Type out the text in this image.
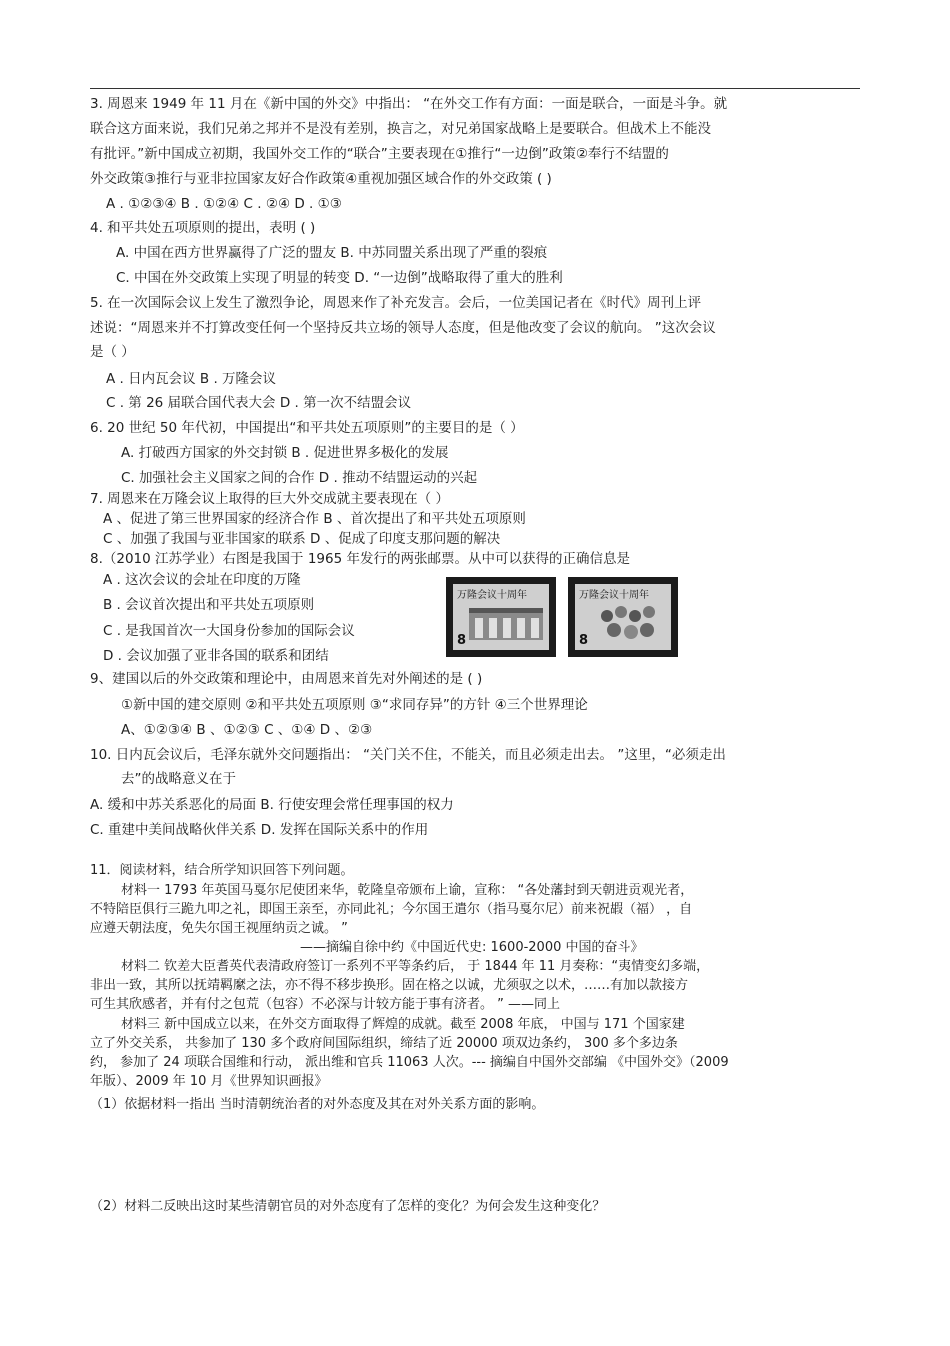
3. 周恩来 1949 年 11 月在《新中国的外交》中指出： “在外交工作有方面：一面是联合，一面是斗争。就
联合这方面来说，我们兄弟之邦并不是没有差别，换言之，对兄弟国家战略上是要联合。但战术上不能没
有批评。”新中国成立初期，我国外交工作的“联合”主要表现在①推行“一边倒”政策②奉行不结盟的
外交政策③推行与亚非拉国家友好合作政策④重视加强区域合作的外交政策 ( )
A . ①②③④ B . ①②④ C . ②④ D . ①③
4. 和平共处五项原则的提出，表明 ( )
A. 中国在西方世界赢得了广泛的盟友 B. 中苏同盟关系出现了严重的裂痕
C. 中国在外交政策上实现了明显的转变 D. “一边倒”战略取得了重大的胜利
5. 在一次国际会议上发生了激烈争论，周恩来作了补充发言。会后，一位美国记者在《时代》周刊上评
述说：“周恩来并不打算改变任何一个坚持反共立场的领导人态度，但是他改变了会议的航向。 ”这次会议
是（ ）
A . 日内瓦会议 B . 万隆会议
C . 第 26 届联合国代表大会 D . 第一次不结盟会议
6. 20 世纪 50 年代初，中国提出“和平共处五项原则”的主要目的是（ ）
A. 打破西方国家的外交封锁 B . 促进世界多极化的发展
C. 加强社会主义国家之间的合作 D . 推动不结盟运动的兴起
7. 周恩来在万隆会议上取得的巨大外交成就主要表现在（ ）
A 、促进了第三世界国家的经济合作 B 、首次提出了和平共处五项原则
C 、加强了我国与亚非国家的联系 D 、促成了印度支那问题的解决
8.（2010 江苏学业）右图是我国于 1965 年发行的两张邮票。从中可以获得的正确信息是
A . 这次会议的会址在印度的万隆
B . 会议首次提出和平共处五项原则
C . 是我国首次一大国身份参加的国际会议
D . 会议加强了亚非各国的联系和团结
万隆会议十周年
8
万隆会议十周年
8
9、建国以后的外交政策和理论中，由周恩来首先对外阐述的是 ( )
①新中国的建交原则 ②和平共处五项原则 ③“求同存异”的方针 ④三个世界理论
A、①②③④ B 、①②③ C 、①④ D 、②③
10. 日内瓦会议后，毛泽东就外交问题指出： “关门关不住，不能关，而且必须走出去。 ”这里，“必须走出
去”的战略意义在于
A. 缓和中苏关系恶化的局面 B. 行使安理会常任理事国的权力
C. 重建中美间战略伙伴关系 D. 发挥在国际关系中的作用
11．阅读材料，结合所学知识回答下列问题。
材料一 1793 年英国马戛尔尼使团来华，乾隆皇帝颁布上谕，宣称： “各处藩封到天朝进贡观光者，
不特陪臣俱行三跪九叩之礼，即国王亲至，亦同此礼；今尔国王遣尔（指马戛尔尼）前来祝嘏（福） ，自
应遵天朝法度，免失尔国王视厘纳贡之诚。 ”
——摘编自徐中约《中国近代史: 1600-2000 中国的奋斗》
材料二 钦差大臣耆英代表清政府签订一系列不平等条约后， 于 1844 年 11 月奏称：“夷情变幻多端，
非出一致，其所以抚靖羁縻之法，亦不得不移步换形。固在格之以诚，尤须驭之以术，……有加以款接方
可生其欣感者，并有付之包荒（包容）不必深与计较方能于事有济者。 ” ——同上
材料三 新中国成立以来，在外交方面取得了辉煌的成就。截至 2008 年底， 中国与 171 个国家建
立了外交关系， 共参加了 130 多个政府间国际组织，缔结了近 20000 项双边条约， 300 多个多边条
约， 参加了 24 项联合国维和行动， 派出维和官兵 11063 人次。--- 摘编自中国外交部编 《中国外交》（2009
年版）、2009 年 10 月《世界知识画报》
（1）依据材料一指出 当时清朝统治者的对外态度及其在对外关系方面的影响。
（2）材料二反映出这时某些清朝官员的对外态度有了怎样的变化？为何会发生这种变化？
